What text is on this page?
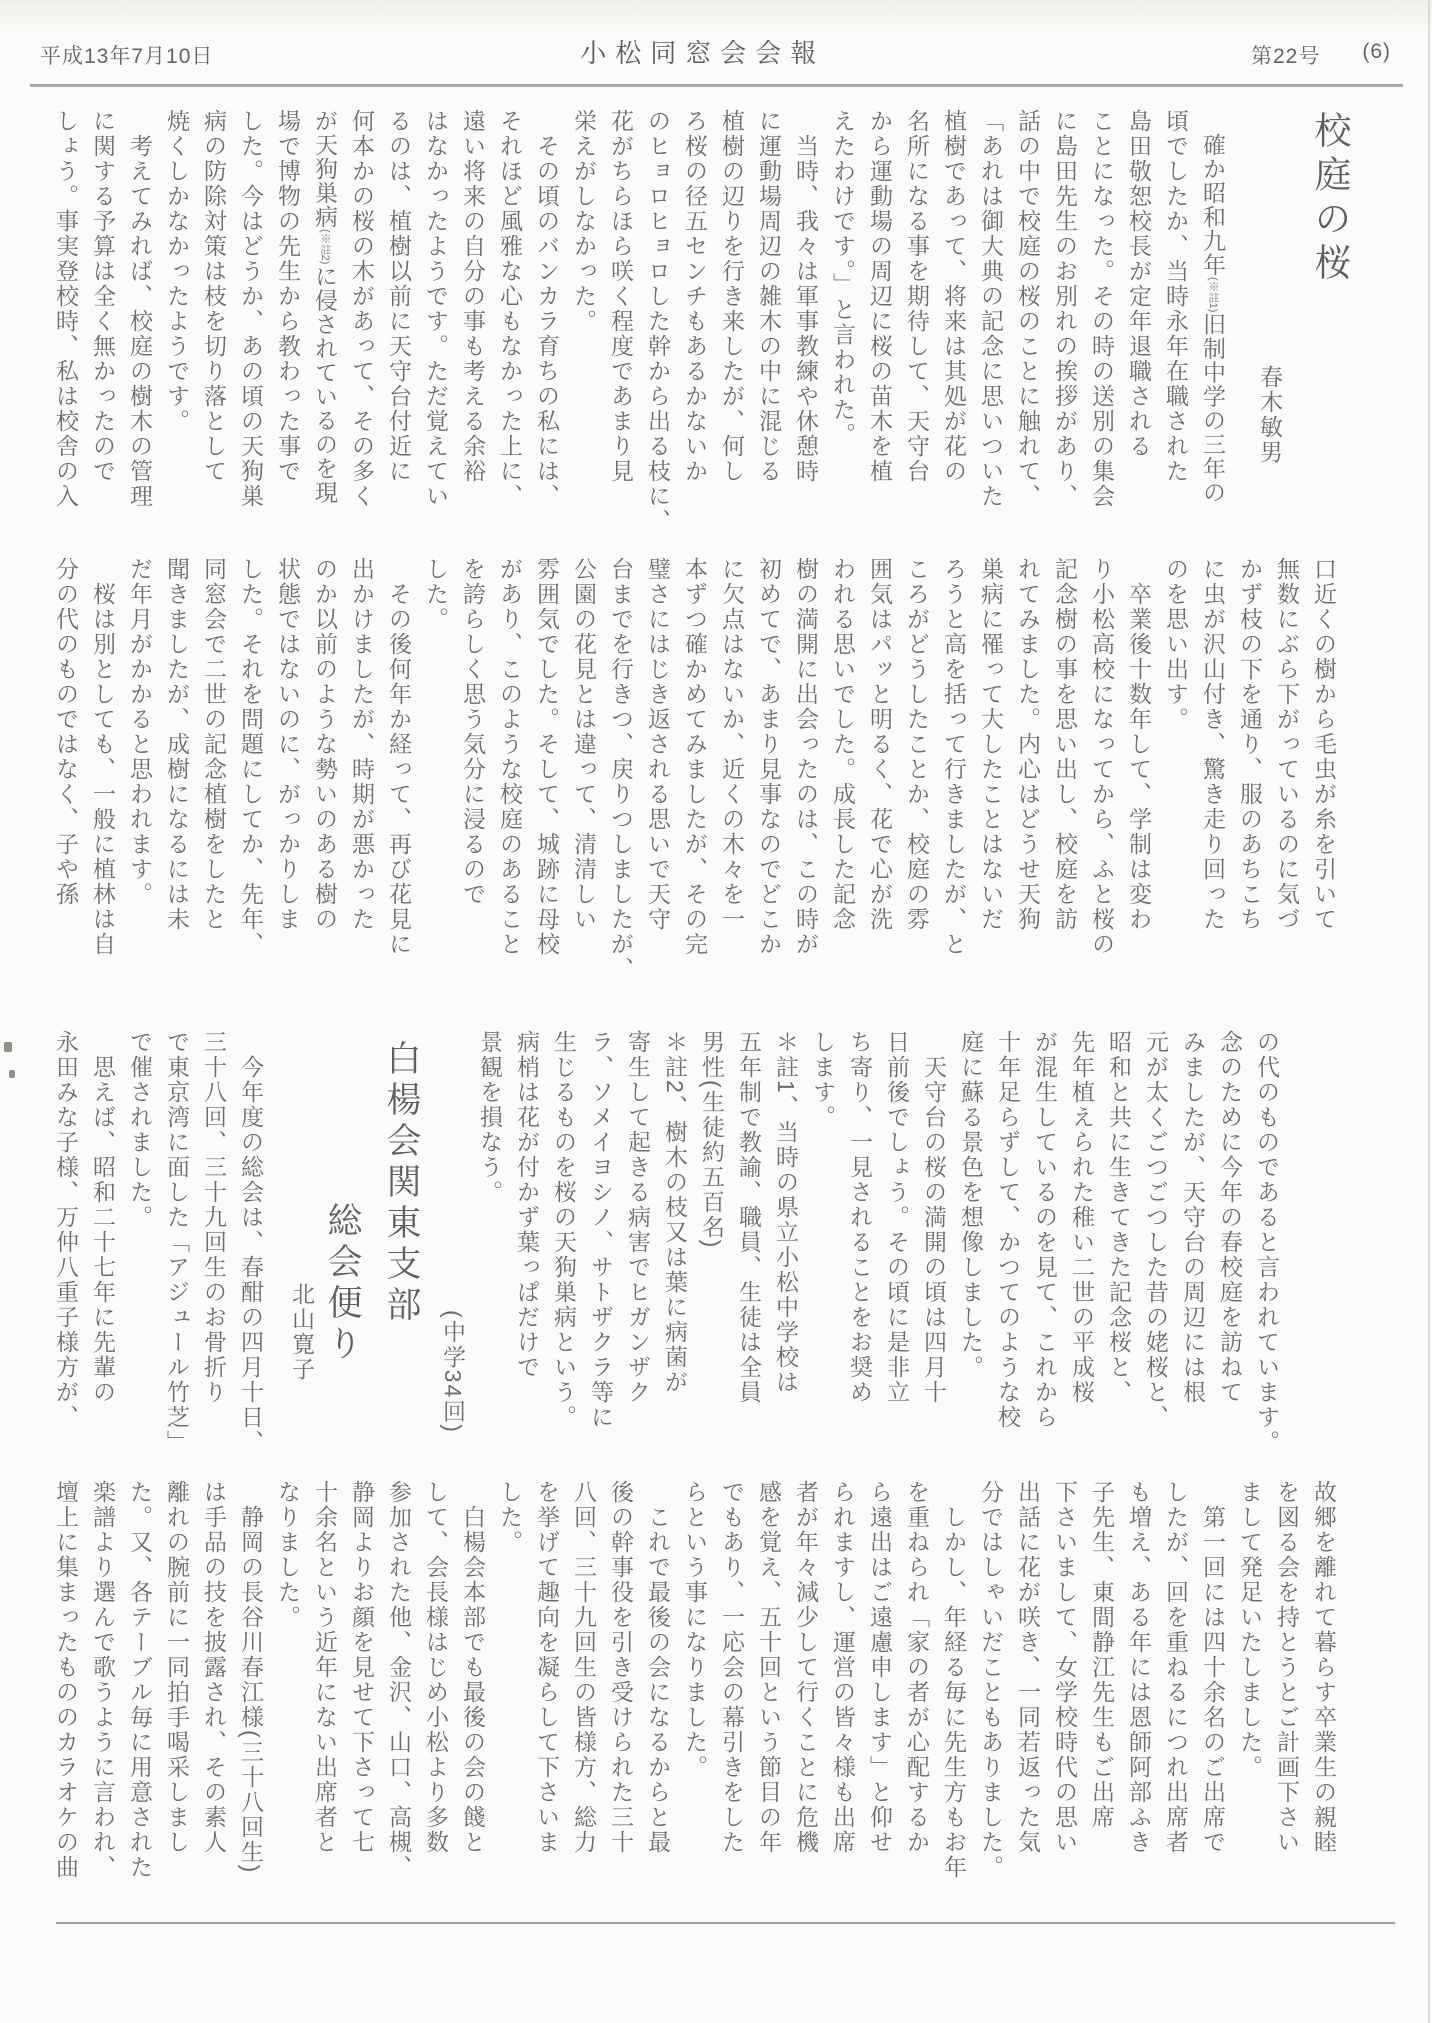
平成13年7月10日	小松同窓会会報	第22号 (6)
校庭の桜
春木敏男
　確か昭和九年(※註1)旧制中学の三年の
頃でしたか、当時永年在職された
島田敬恕校長が定年退職される
ことになった。その時の送別の集会
に島田先生のお別れの挨拶があり、
話の中で校庭の桜のことに触れて、
「あれは御大典の記念に思いついた
植樹であって、将来は其処が花の
名所になる事を期待して、天守台
から運動場の周辺に桜の苗木を植
えたわけです。」と言われた。
　当時、我々は軍事教練や休憩時
に運動場周辺の雑木の中に混じる
植樹の辺りを行き来したが、何し
ろ桜の径五センチもあるかないか
のヒョロヒョロした幹から出る枝に、
花がちらほら咲く程度であまり見
栄えがしなかった。
　その頃のバンカラ育ちの私には、
それほど風雅な心もなかった上に、
遠い将来の自分の事も考える余裕
はなかったようです。ただ覚えてい
るのは、植樹以前に天守台付近に
何本かの桜の木があって、その多く
が天狗巣病(※註2)に侵されているのを現
場で博物の先生から教わった事で
した。今はどうか、あの頃の天狗巣
病の防除対策は枝を切り落として
焼くしかなかったようです。
　考えてみれば、校庭の樹木の管理
に関する予算は全く無かったので
しょう。事実登校時、私は校舎の入
口近くの樹から毛虫が糸を引いて
無数にぶら下がっているのに気づ
かず枝の下を通り、服のあちこち
に虫が沢山付き、驚き走り回った
のを思い出す。
　卒業後十数年して、学制は変わ
り小松高校になってから、ふと桜の
記念樹の事を思い出し、校庭を訪
れてみました。内心はどうせ天狗
巣病に罹って大したことはないだ
ろうと高を括って行きましたが、と
ころがどうしたことか、校庭の雰
囲気はパッと明るく、花で心が洗
われる思いでした。成長した記念
樹の満開に出会ったのは、この時が
初めてで、あまり見事なのでどこか
に欠点はないか、近くの木々を一
本ずつ確かめてみましたが、その完
璧さにはじき返される思いで天守
台までを行きつ、戻りつしましたが、
公園の花見とは違って、清清しい
雰囲気でした。そして、城跡に母校
があり、このような校庭のあること
を誇らしく思う気分に浸るので
した。
　その後何年か経って、再び花見に
出かけましたが、時期が悪かった
のか以前のような勢いのある樹の
状態ではないのに、がっかりしま
した。それを問題にしてか、先年、
同窓会で二世の記念植樹をしたと
聞きましたが、成樹になるには未
だ年月がかかると思われます。
　桜は別としても、一般に植林は自
分の代のものではなく、子や孫
の代のものであると言われています。
念のために今年の春校庭を訪ねて
みましたが、天守台の周辺には根
元が太くごつごつした昔の姥桜と、
昭和と共に生きてきた記念桜と、
先年植えられた稚い二世の平成桜
が混生しているのを見て、これから
十年足らずして、かつてのような校
庭に蘇る景色を想像しました。
　天守台の桜の満開の頃は四月十
日前後でしょう。その頃に是非立
ち寄り、一見されることをお奨め
します。
＊註1、当時の県立小松中学校は
五年制で教諭、職員、生徒は全員
男性(生徒約五百名)
＊註2、樹木の枝又は葉に病菌が
寄生して起きる病害でヒガンザク
ラ、ソメイヨシノ、サトザクラ等に
生じるものを桜の天狗巣病という。
病梢は花が付かず葉っぱだけで
景観を損なう。
(中学34回)
白楊会関東支部
総会便り
北山寛子
　今年度の総会は、春酣の四月十日、
三十八回、三十九回生のお骨折り
で東京湾に面した「アジュール竹芝」
で催されました。
　思えば、昭和二十七年に先輩の
永田みな子様、万仲八重子様方が、
故郷を離れて暮らす卒業生の親睦
を図る会を持とうとご計画下さい
まして発足いたしました。
　第一回には四十余名のご出席で
したが、回を重ねるにつれ出席者
も増え、ある年には恩師阿部ふき
子先生、東間静江先生もご出席
下さいまして、女学校時代の思い
出話に花が咲き、一同若返った気
分ではしゃいだこともありました。
　しかし、年経る毎に先生方もお年
を重ねられ「家の者が心配するか
ら遠出はご遠慮申します」と仰せ
られますし、運営の皆々様も出席
者が年々減少して行くことに危機
感を覚え、五十回という節目の年
でもあり、一応会の幕引きをした
らという事になりました。
　これで最後の会になるからと最
後の幹事役を引き受けられた三十
八回、三十九回生の皆様方、総力
を挙げて趣向を凝らして下さいま
した。
　白楊会本部でも最後の会の餞と
して、会長様はじめ小松より多数
参加された他、金沢、山口、高槻、
静岡よりお顔を見せて下さって七
十余名という近年にない出席者と
なりました。
　静岡の長谷川春江様(三十八回生)
は手品の技を披露され、その素人
離れの腕前に一同拍手喝采しまし
た。又、各テーブル毎に用意された
楽譜より選んで歌うように言われ、
壇上に集まったもののカラオケの曲
